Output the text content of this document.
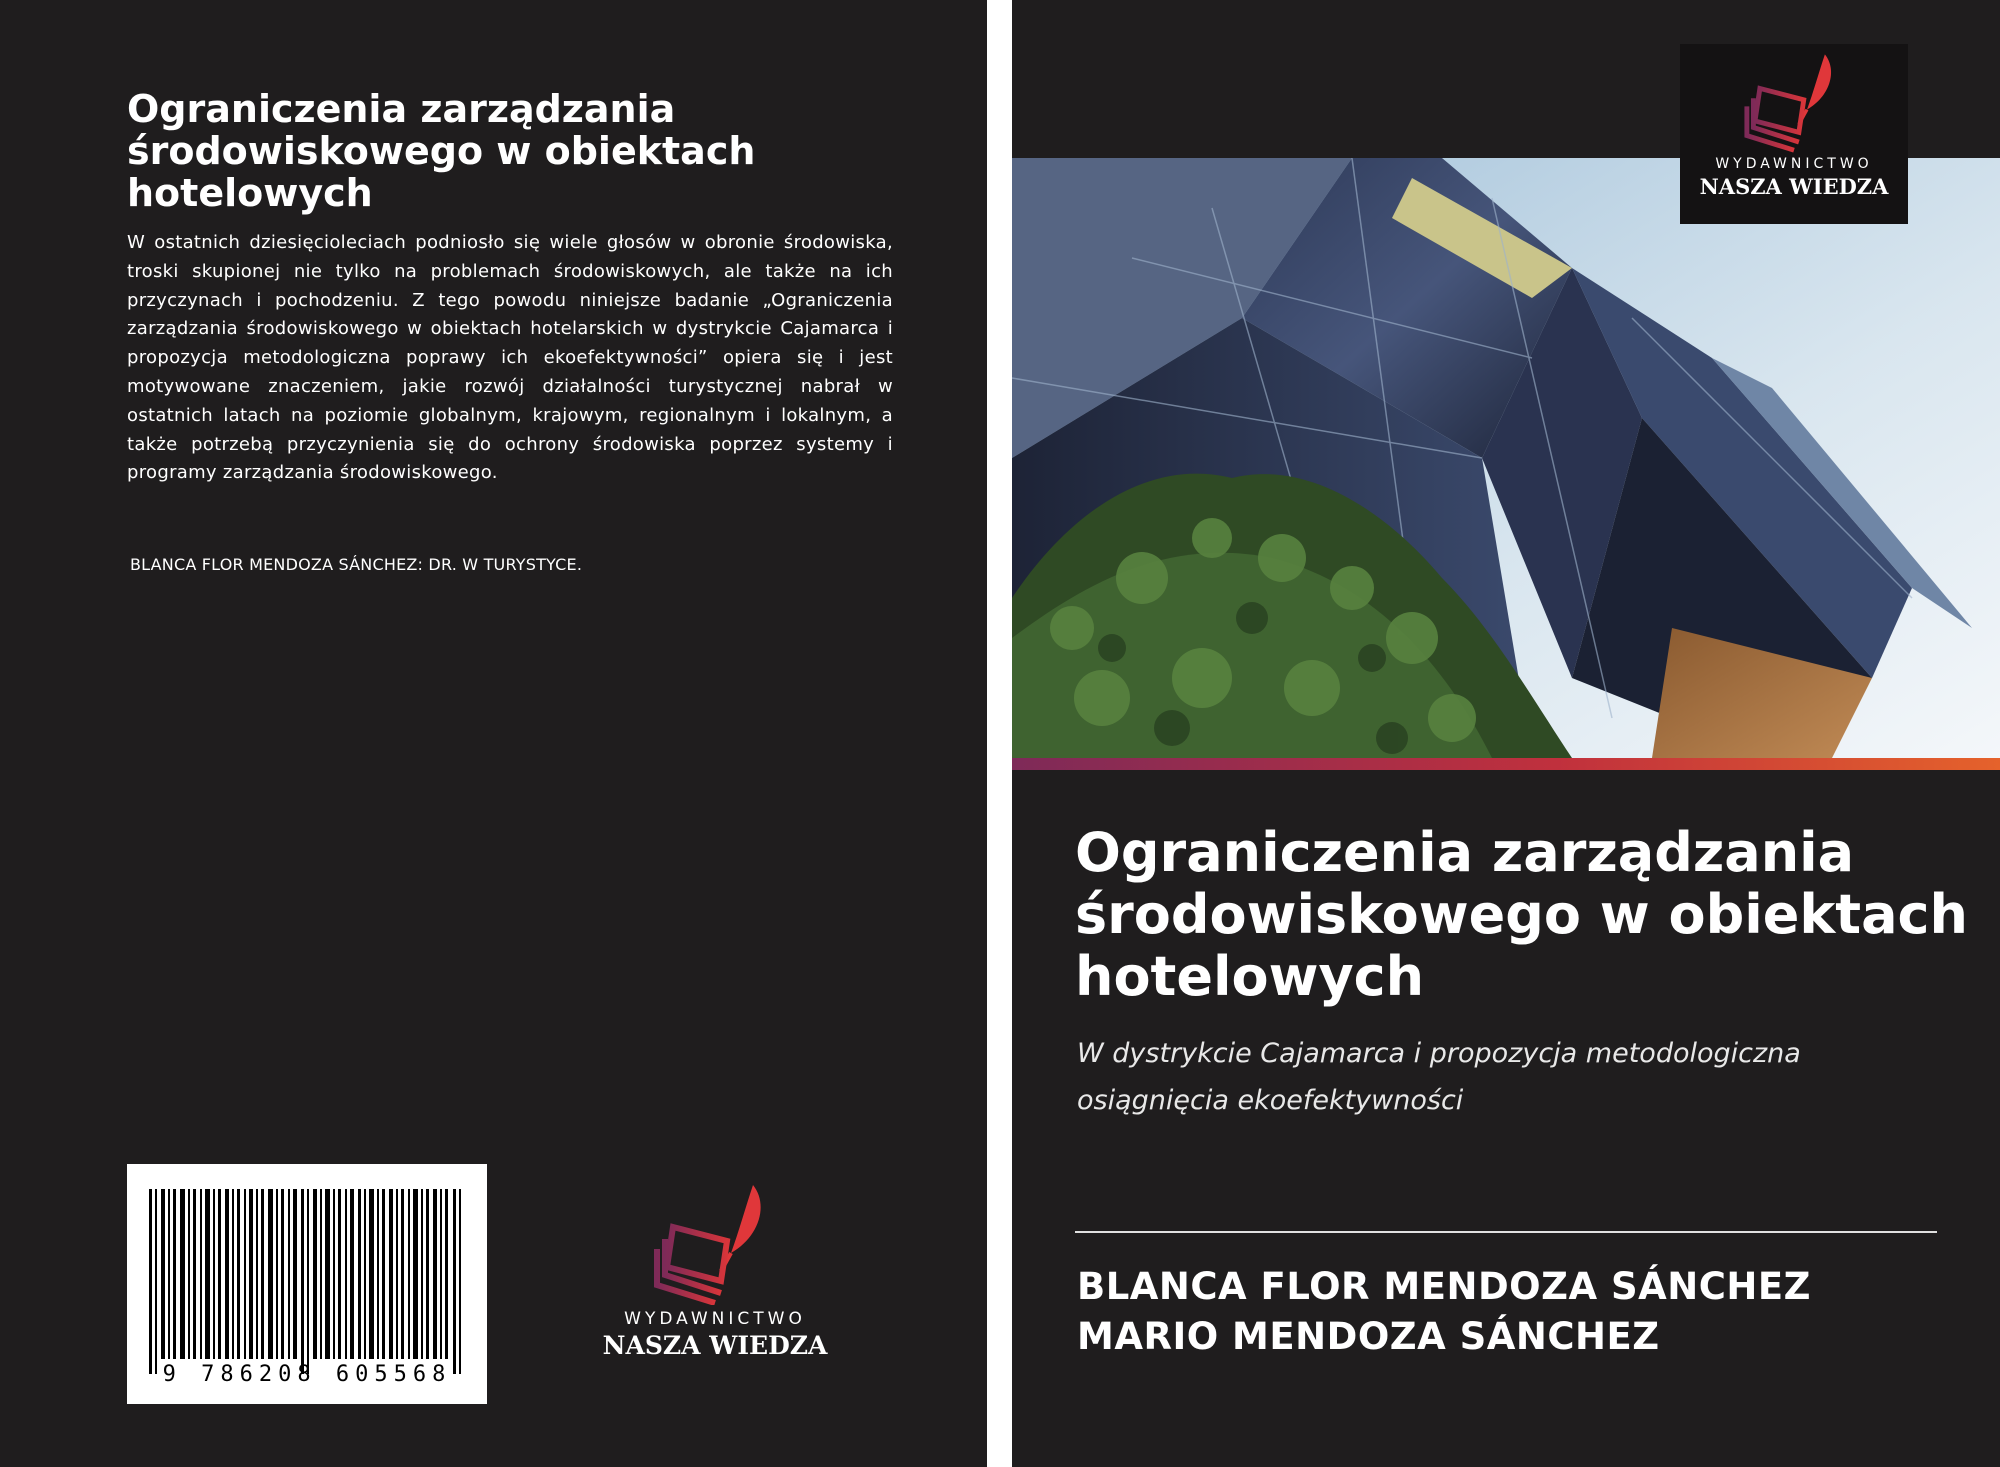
Ograniczenia zarządzania środowiskowego w obiektach hotelowych

W ostatnich dziesięcioleciach podniosło się wiele głosów w obronie środowiska, troski skupionej nie tylko na problemach środowiskowych, ale także na ich przyczynach i pochodzeniu. Z tego powodu niniejsze badanie „Ograniczenia zarządzania środowiskowego w obiektach hotelarskich w dystrykcie Cajamarca i propozycja metodologiczna poprawy ich ekoefektywności” opiera się i jest motywowane znaczeniem, jakie rozwój działalności turystycznej nabrał w ostatnich latach na poziomie globalnym, krajowym, regionalnym i lokalnym, a także potrzebą przyczynienia się do ochrony środowiska poprzez systemy i programy zarządzania środowiskowego.

BLANCA FLOR MENDOZA SÁNCHEZ: DR. W TURYSTYCE.

9 786208 605568

WYDAWNICTWO

NASZA WIEDZA

WYDAWNICTWO

NASZA WIEDZA

Ograniczenia zarządzania środowiskowego w obiektach hotelowych

W dystrykcie Cajamarca i propozycja metodologiczna osiągnięcia ekoefektywności

BLANCA FLOR MENDOZA SÁNCHEZ

MARIO MENDOZA SÁNCHEZ
